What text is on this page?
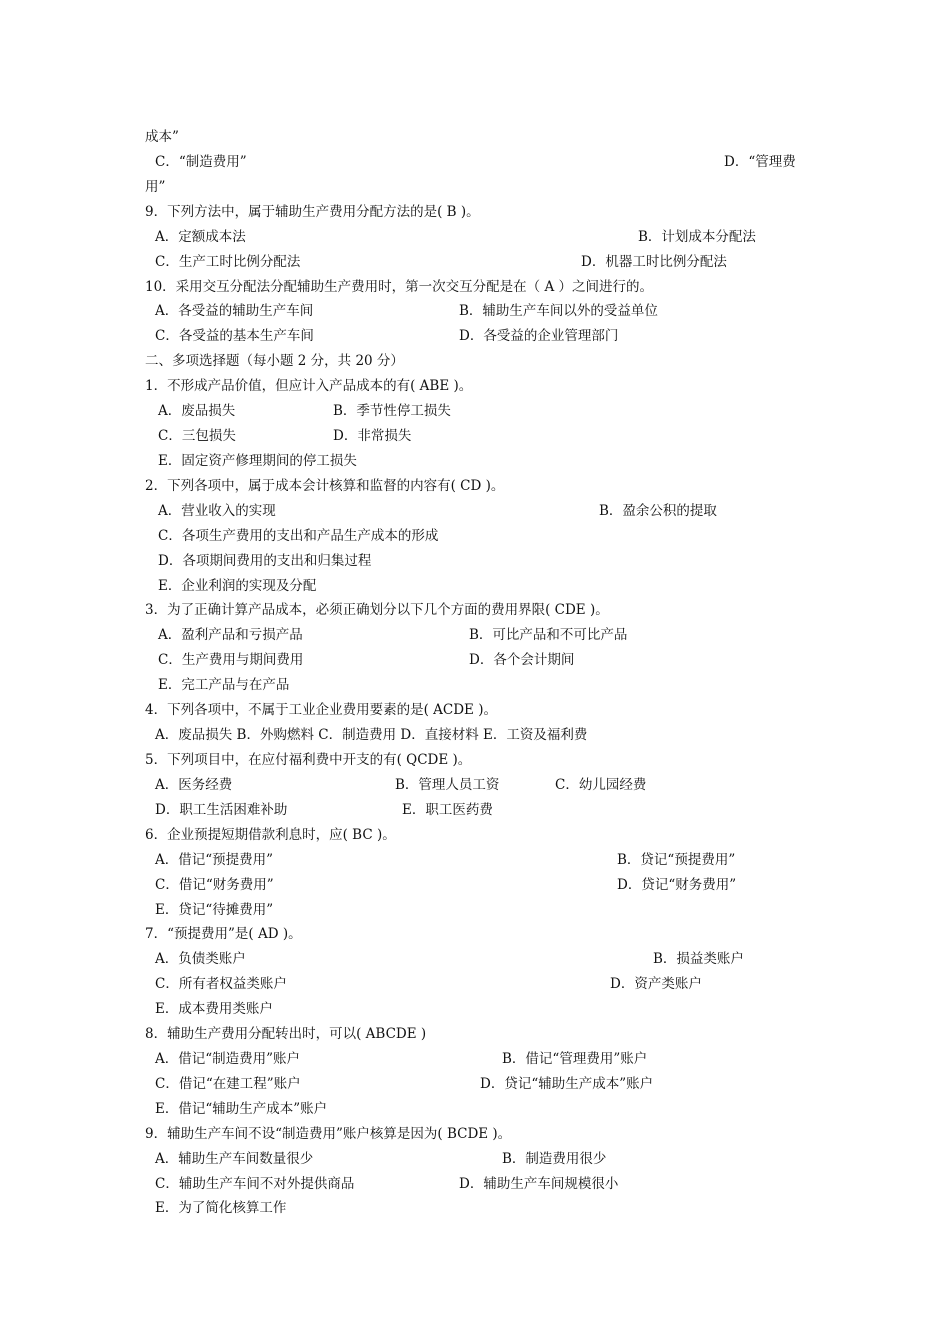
成本”
C．“制造费用”	D．“管理费
用”
9．下列方法中，属于辅助生产费用分配方法的是( B )。
A．定额成本法	B．计划成本分配法
C．生产工时比例分配法	D．机器工时比例分配法
10．采用交互分配法分配辅助生产费用时，第一次交互分配是在（ A ）之间进行的。
A．各受益的辅助生产车间	B．辅助生产车间以外的受益单位
C．各受益的基本生产车间	D．各受益的企业管理部门
二、多项选择题（每小题 2 分，共 20 分）
1．不形成产品价值，但应计入产品成本的有( ABE )。
A．废品损失	B．季节性停工损失
C．三包损失	D．非常损失
E．固定资产修理期间的停工损失
2．下列各项中，属于成本会计核算和监督的内容有( CD )。
A．营业收入的实现	B．盈余公积的提取
C．各项生产费用的支出和产品生产成本的形成
D．各项期间费用的支出和归集过程
E．企业利润的实现及分配
3．为了正确计算产品成本，必须正确划分以下几个方面的费用界限( CDE )。
A．盈利产品和亏损产品	B．可比产品和不可比产品
C．生产费用与期间费用	D．各个会计期间
E．完工产品与在产品
4．下列各项中，不属于工业企业费用要素的是( ACDE )。
A．废品损失 B．外购燃料 C．制造费用 D．直接材料 E．工资及福利费
5．下列项目中，在应付福利费中开支的有( QCDE )。
A．医务经费	B．管理人员工资	C．幼儿园经费
D．职工生活困难补助	E．职工医药费
6．企业预提短期借款利息时，应( BC )。
A．借记“预提费用”	B．贷记“预提费用”
C．借记“财务费用”	D．贷记“财务费用”
E．贷记“待摊费用”
7．“预提费用”是( AD )。
A．负债类账户	B．损益类账户
C．所有者权益类账户	D．资产类账户
E．成本费用类账户
8．辅助生产费用分配转出时，可以( ABCDE )
A．借记“制造费用”账户	B．借记“管理费用”账户
C．借记“在建工程”账户	D．贷记“辅助生产成本”账户
E．借记“辅助生产成本”账户
9．辅助生产车间不设“制造费用”账户核算是因为( BCDE )。
A．辅助生产车间数量很少	B．制造费用很少
C．辅助生产车间不对外提供商品	D．辅助生产车间规模很小
E．为了简化核算工作
